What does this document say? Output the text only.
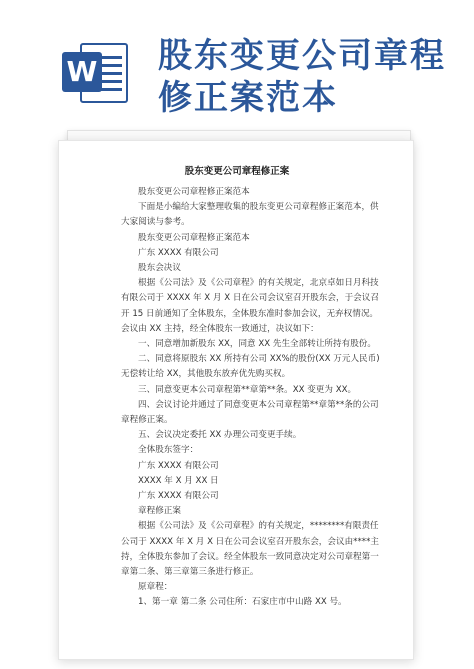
W 股东变更公司章程
修正案范本
股东变更公司章程修正案
股东变更公司章程修正案范本
下面是小编给大家整理收集的股东变更公司章程修正案范本，供大家阅读与参考。
股东变更公司章程修正案范本
广东 XXXX 有限公司
股东会决议
根据《公司法》及《公司章程》的有关规定，北京卓如日月科技有限公司于 XXXX 年 X 月 X 日在公司会议室召开股东会，于会议召开 15 日前通知了全体股东，全体股东准时参加会议，无弃权情况。会议由 XX 主持，经全体股东一致通过，决议如下：
一、同意增加新股东 XX，同意 XX 先生全部转让所持有股份。
二、同意将原股东 XX 所持有公司 XX%的股份(XX 万元人民币)无偿转让给 XX，其他股东放弃优先购买权。
三、同意变更本公司章程第**章第**条。XX 变更为 XX。
四、会议讨论并通过了同意变更本公司章程第**章第**条的公司章程修正案。
五、会议决定委托 XX 办理公司变更手续。
全体股东签字：
广东 XXXX 有限公司
XXXX 年 X 月 XX 日
广东 XXXX 有限公司
章程修正案
根据《公司法》及《公司章程》的有关规定，********有限责任公司于 XXXX 年 X 月 X 日在公司会议室召开股东会，会议由****主持，全体股东参加了会议。经全体股东一致同意决定对公司章程第一章第二条、第三章第三条进行修正。
原章程：
1、第一章 第二条 公司住所：石家庄市中山路 XX 号。
